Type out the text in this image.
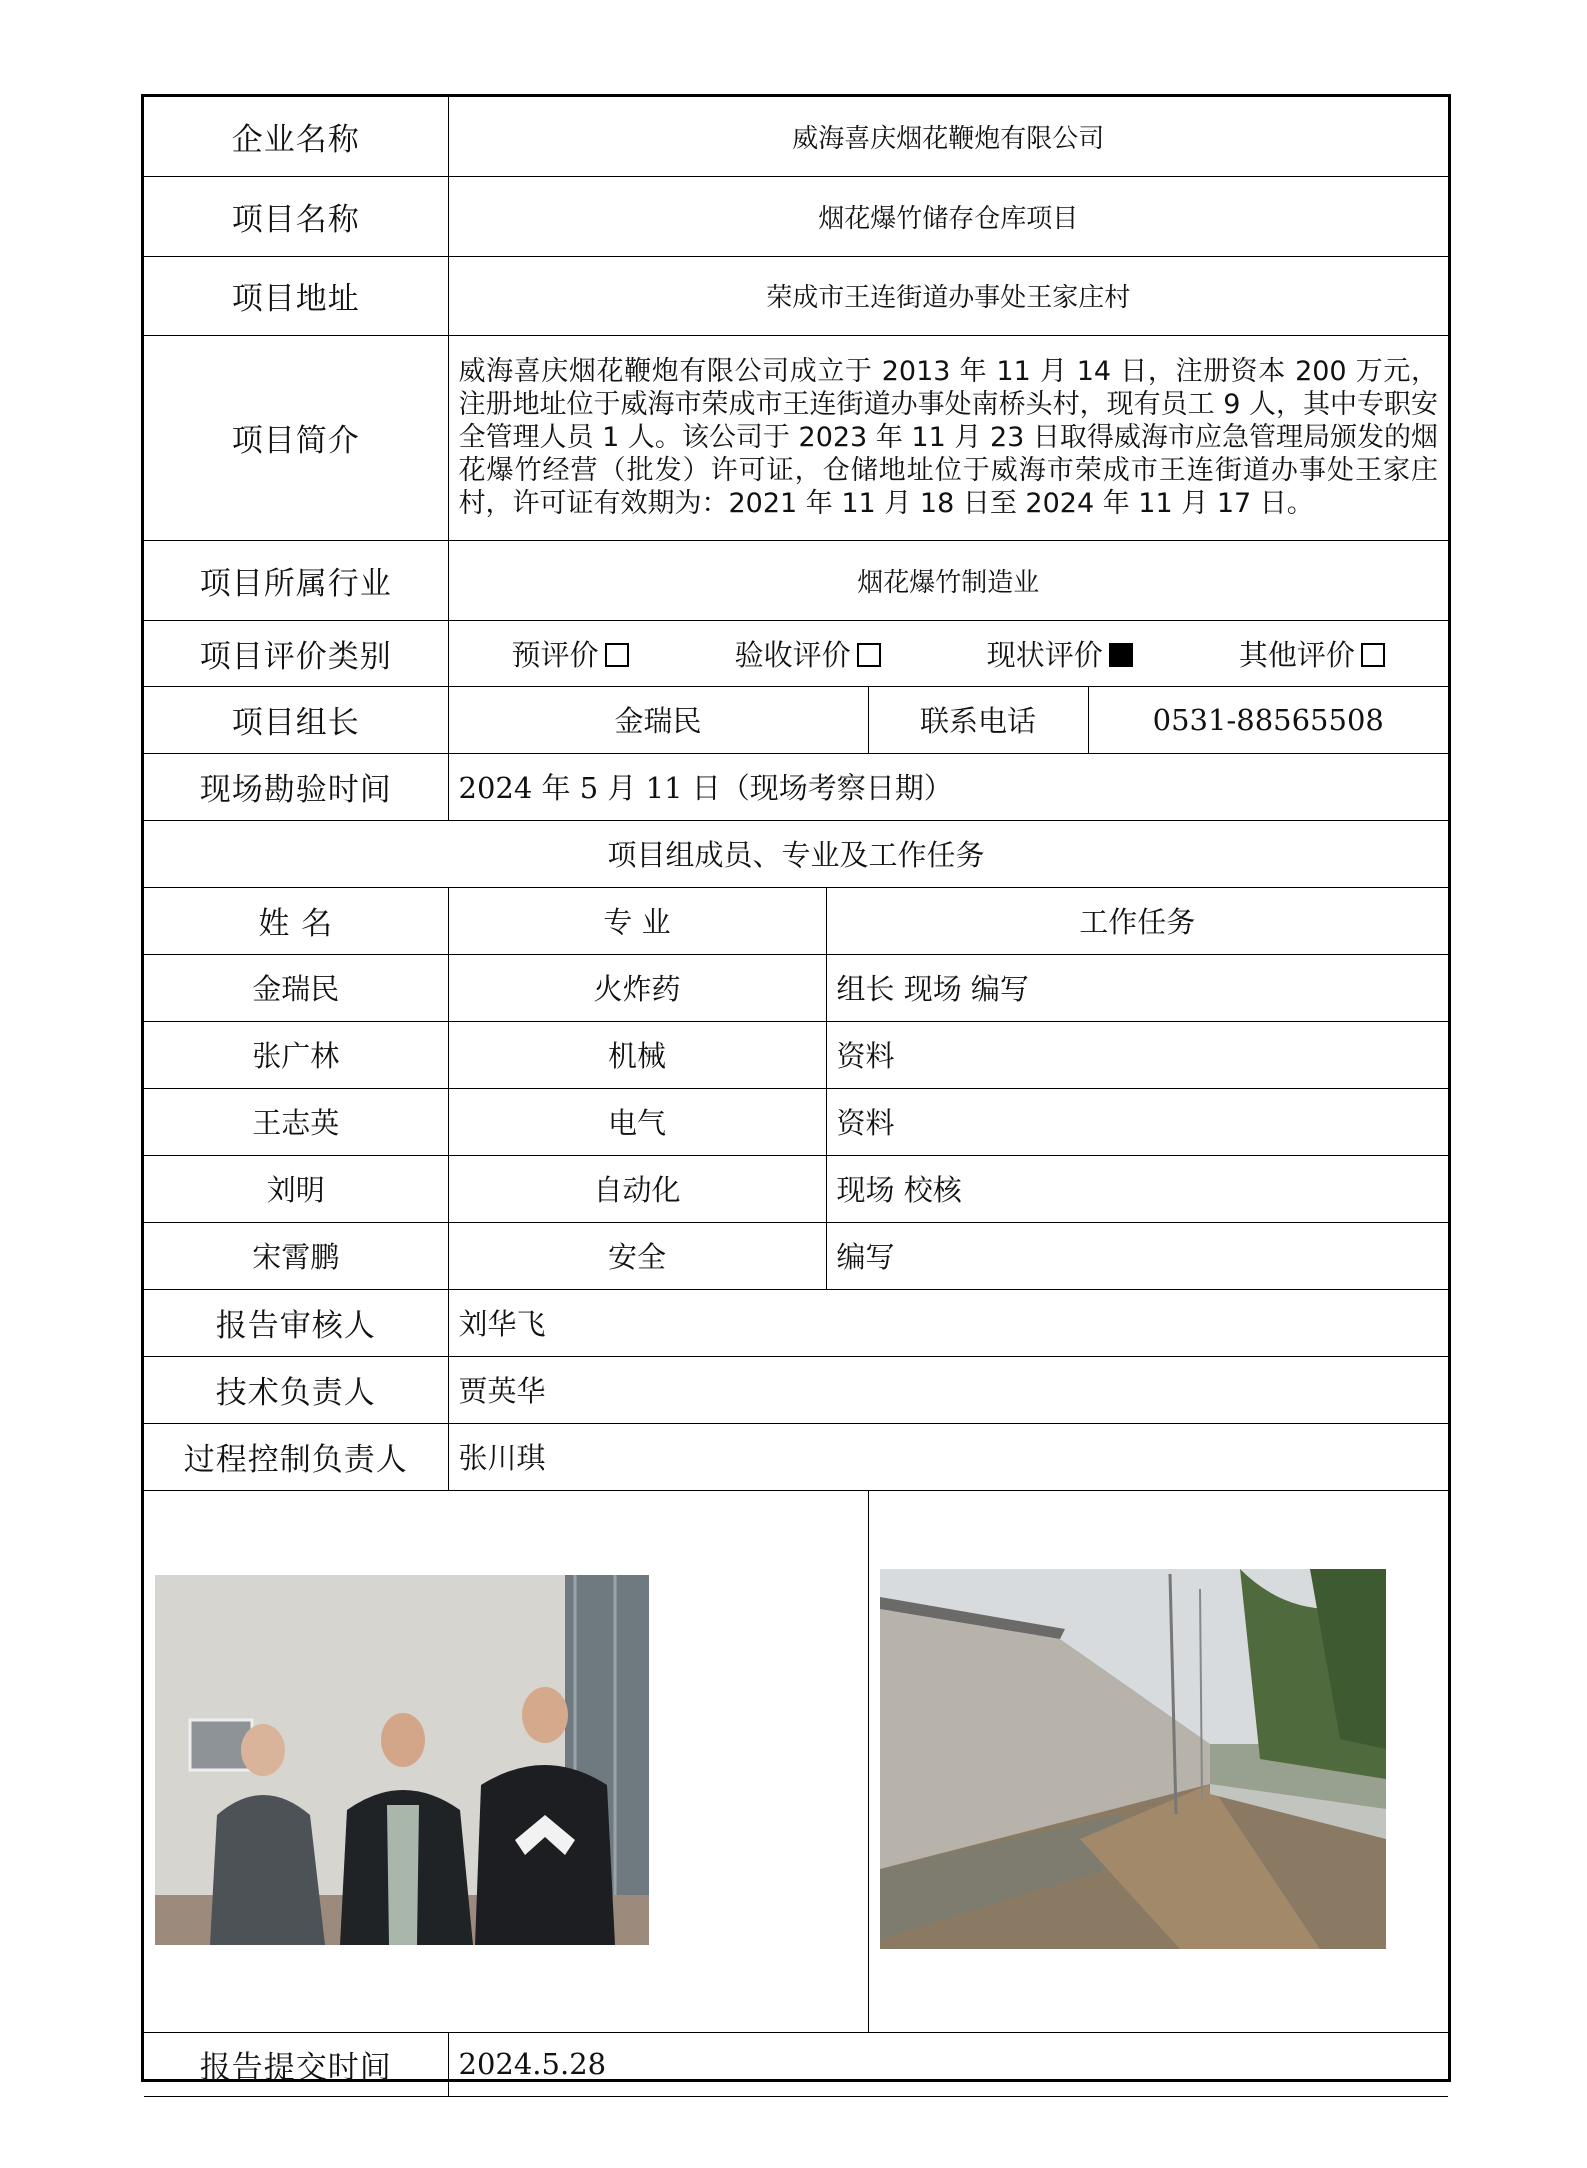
企业名称	威海喜庆烟花鞭炮有限公司			
项目名称	烟花爆竹储存仓库项目			
项目地址	荣成市王连街道办事处王家庄村			
项目简介	威海喜庆烟花鞭炮有限公司成立于 2013 年 11 月 14 日，注册资本 200 万元，注册地址位于威海市荣成市王连街道办事处南桥头村，现有员工 9 人，其中专职安全管理人员 1 人。该公司于 2023 年 11 月 23 日取得威海市应急管理局颁发的烟花爆竹经营（批发）许可证，仓储地址位于威海市荣成市王连街道办事处王家庄村，许可证有效期为：2021 年 11 月 18 日至 2024 年 11 月 17 日。			
项目所属行业	烟花爆竹制造业			
项目评价类别	预评价 验收评价 现状评价 其他评价			

项目组长	金瑞民		联系电话	0531-88565508
现场勘验时间	2024 年 5 月 11 日（现场考察日期）			
项目组成员、专业及工作任务				
姓 名	专 业	工作任务		
金瑞民	火炸药	组长 现场 编写		
张广林	机械	资料		
王志英	电气	资料		
刘明	自动化	现场 校核		
宋霄鹏	安全	编写		
报告审核人	刘华飞			
技术负责人	贾英华			
过程控制负责人	张川琪			

报告提交时间	2024.5.28			
